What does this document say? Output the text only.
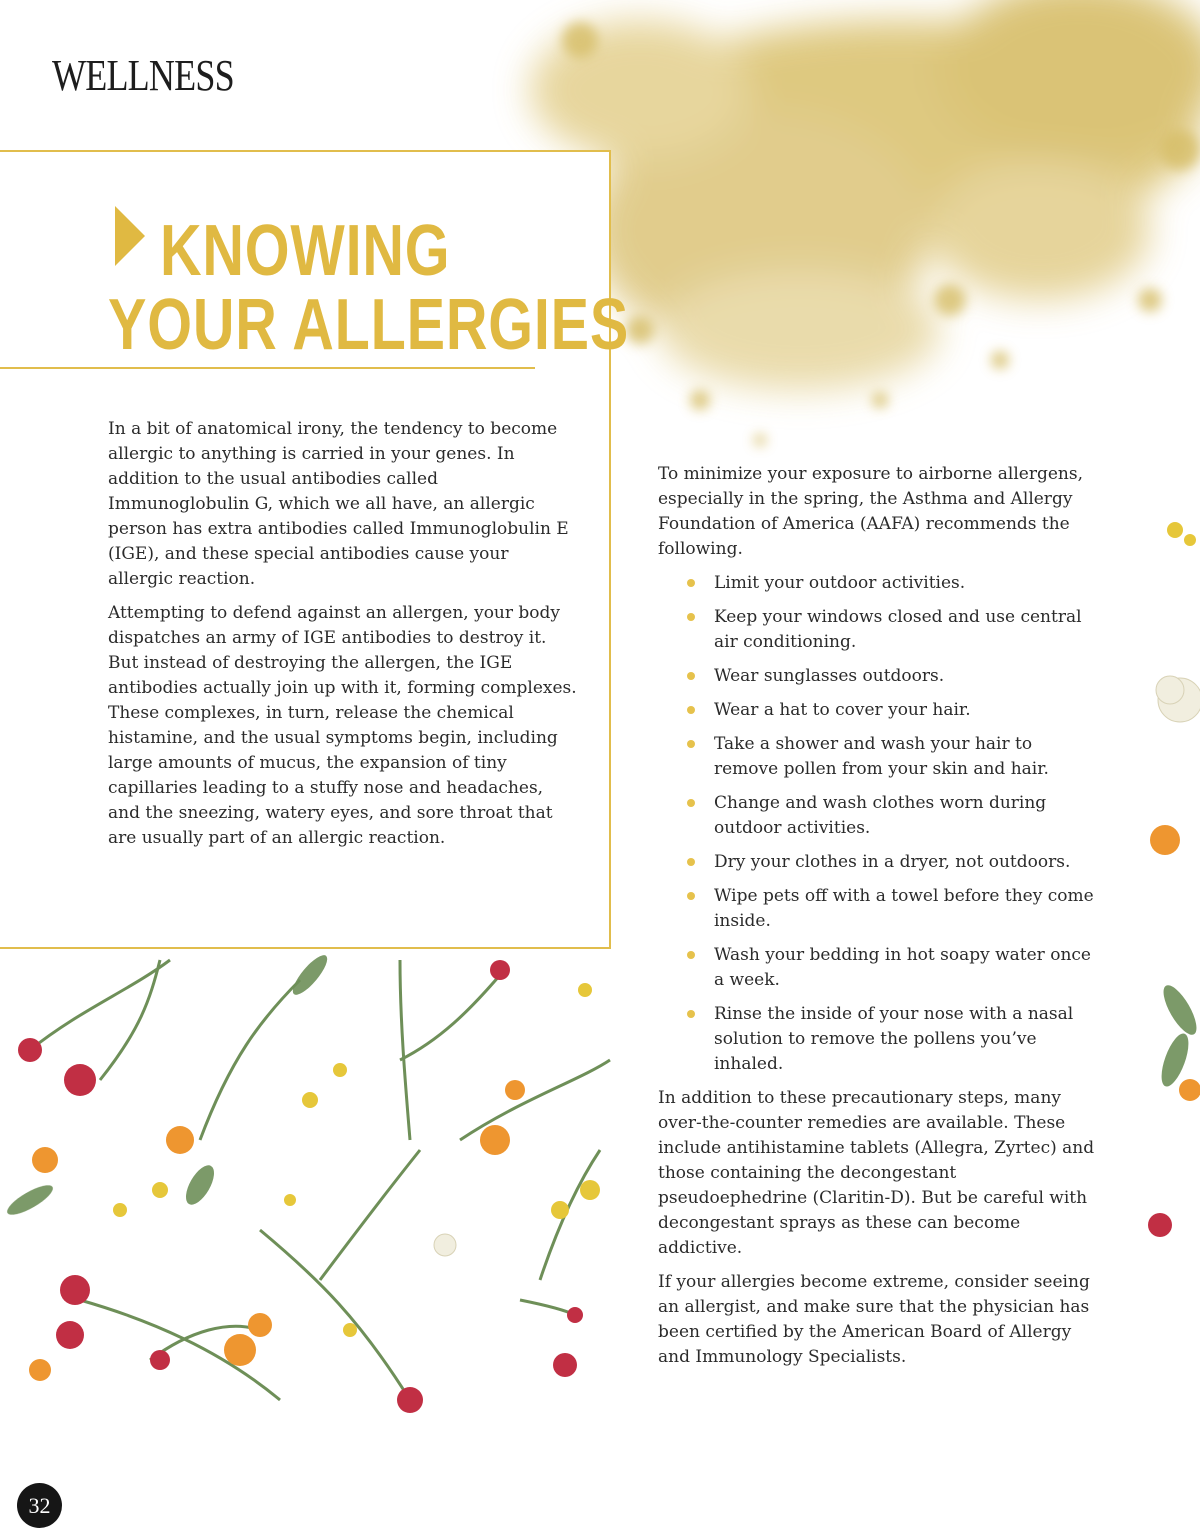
WELLNESS
KNOWING
YOUR ALLERGIES

In a bit of anatomical irony, the tendency to become allergic to anything is carried in your genes. In addition to the usual antibodies called Immunoglobulin G, which we all have, an allergic person has extra antibodies called Immunoglobulin E (IGE), and these special antibodies cause your allergic reaction.

Attempting to defend against an allergen, your body dispatches an army of IGE antibodies to destroy it. But instead of destroying the allergen, the IGE antibodies actually join up with it, forming complexes. These complexes, in turn, release the chemical histamine, and the usual symptoms begin, including large amounts of mucus, the expansion of tiny capillaries leading to a stuffy nose and headaches, and the sneezing, watery eyes, and sore throat that are usually part of an allergic reaction.

To minimize your exposure to airborne allergens, especially in the spring, the Asthma and Allergy Foundation of America (AAFA) recommends the following.

Limit your outdoor activities.
Keep your windows closed and use central air conditioning.
Wear sunglasses outdoors.
Wear a hat to cover your hair.
Take a shower and wash your hair to remove pollen from your skin and hair.
Change and wash clothes worn during outdoor activities.
Dry your clothes in a dryer, not outdoors.
Wipe pets off with a towel before they come inside.
Wash your bedding in hot soapy water once a week.
Rinse the inside of your nose with a nasal solution to remove the pollens you’ve inhaled.

In addition to these precautionary steps, many over-the-counter remedies are available. These include antihistamine tablets (Allegra, Zyrtec) and those containing the decongestant pseudoephedrine (Claritin-D). But be careful with decongestant sprays as these can become addictive.

If your allergies become extreme, consider seeing an allergist, and make sure that the physician has been certified by the American Board of Allergy and Immunology Specialists.

32
